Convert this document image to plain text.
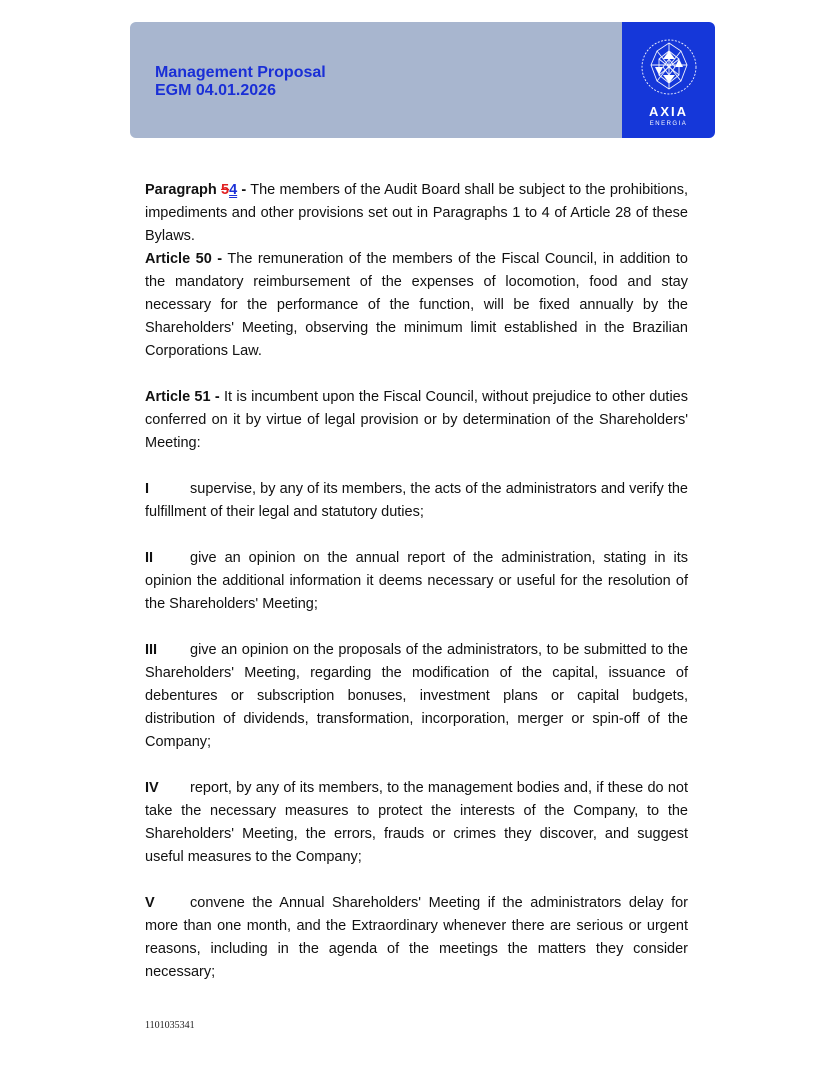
Management Proposal
EGM 04.01.2026
AXIA
ENERGIA

Paragraph 54 - The members of the Audit Board shall be subject to the prohibitions, impediments and other provisions set out in Paragraphs 1 to 4 of Article 28 of these Bylaws.

Article 50 - The remuneration of the members of the Fiscal Council, in addition to the mandatory reimbursement of the expenses of locomotion, food and stay necessary for the performance of the function, will be fixed annually by the Shareholders' Meeting, observing the minimum limit established in the Brazilian Corporations Law.

Article 51 - It is incumbent upon the Fiscal Council, without prejudice to other duties conferred on it by virtue of legal provision or by determination of the Shareholders' Meeting:

I	supervise, by any of its members, the acts of the administrators and verify the fulfillment of their legal and statutory duties;

II	give an opinion on the annual report of the administration, stating in its opinion the additional information it deems necessary or useful for the resolution of the Shareholders' Meeting;

III give an opinion on the proposals of the administrators, to be submitted to the Shareholders' Meeting, regarding the modification of the capital, issuance of debentures or subscription bonuses, investment plans or capital budgets, distribution of dividends, transformation, incorporation, merger or spin-off of the Company;

IV report, by any of its members, to the management bodies and, if these do not take the necessary measures to protect the interests of the Company, to the Shareholders' Meeting, the errors, frauds or crimes they discover, and suggest useful measures to the Company;

V convene the Annual Shareholders' Meeting if the administrators delay for more than one month, and the Extraordinary whenever there are serious or urgent reasons, including in the agenda of the meetings the matters they consider necessary;

1101035341
